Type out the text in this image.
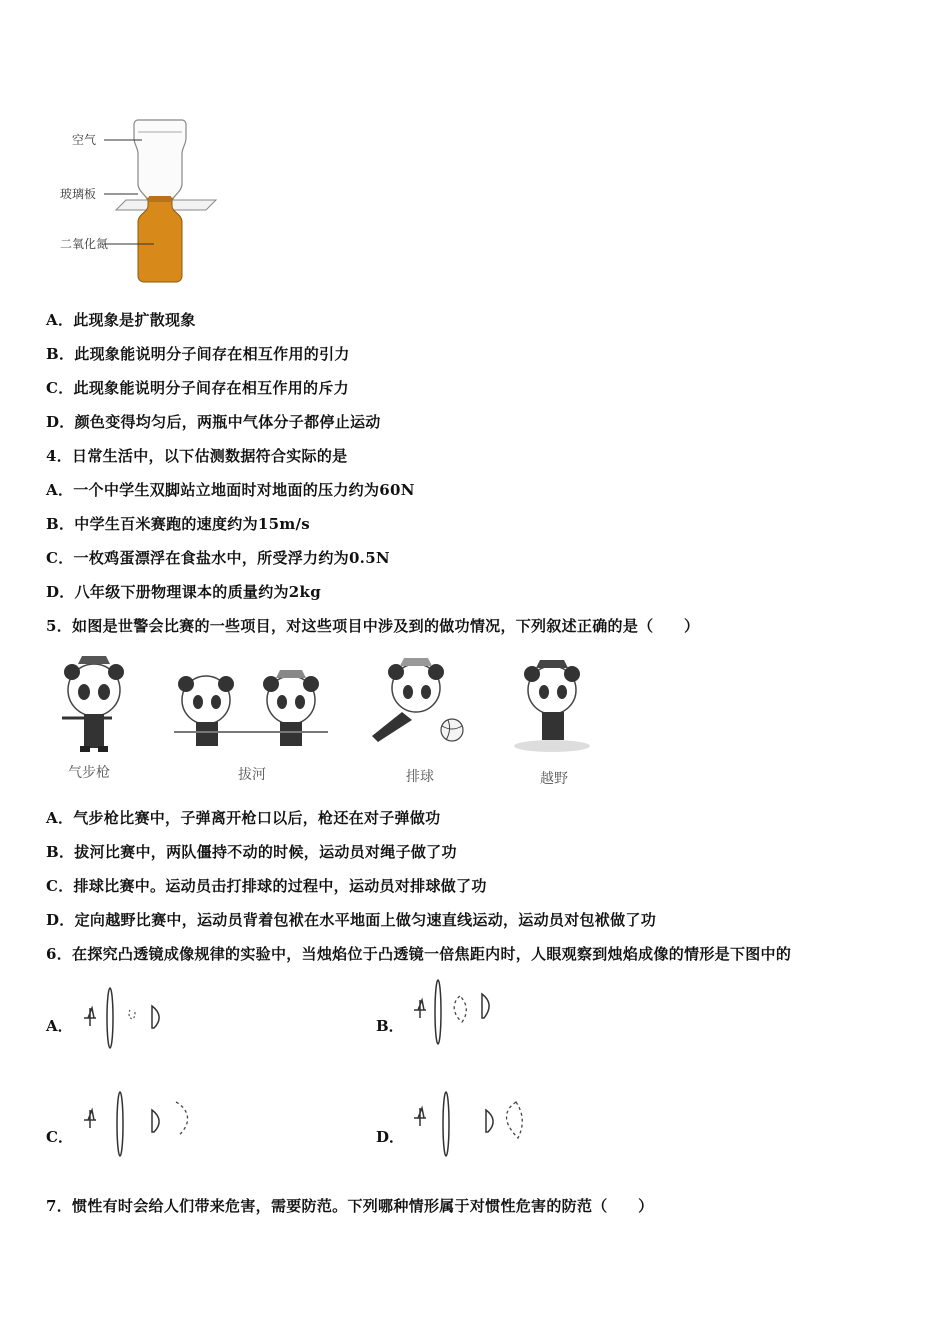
空气
玻璃板
二氧化氮
A．此现象是扩散现象
B．此现象能说明分子间存在相互作用的引力
C．此现象能说明分子间存在相互作用的斥力
D．颜色变得均匀后，两瓶中气体分子都停止运动
4．日常生活中，以下估测数据符合实际的是
A．一个中学生双脚站立地面时对地面的压力约为60N
B．中学生百米赛跑的速度约为15m/s
C．一枚鸡蛋漂浮在食盐水中，所受浮力约为0.5N
D．八年级下册物理课本的质量约为2kg
5．如图是世警会比赛的一些项目，对这些项目中涉及到的做功情况，下列叙述正确的是（　　）
气步枪	拔河	排球	越野
A．气步枪比赛中，子弹离开枪口以后，枪还在对子弹做功
B．拔河比赛中，两队僵持不动的时候，运动员对绳子做了功
C．排球比赛中。运动员击打排球的过程中，运动员对排球做了功
D．定向越野比赛中，运动员背着包袱在水平地面上做匀速直线运动，运动员对包袱做了功
6．在探究凸透镜成像规律的实验中，当烛焰位于凸透镜一倍焦距内时，人眼观察到烛焰成像的情形是下图中的
A．	B．
C．	D．
7．惯性有时会给人们带来危害，需要防范。下列哪种情形属于对惯性危害的防范（　　）
